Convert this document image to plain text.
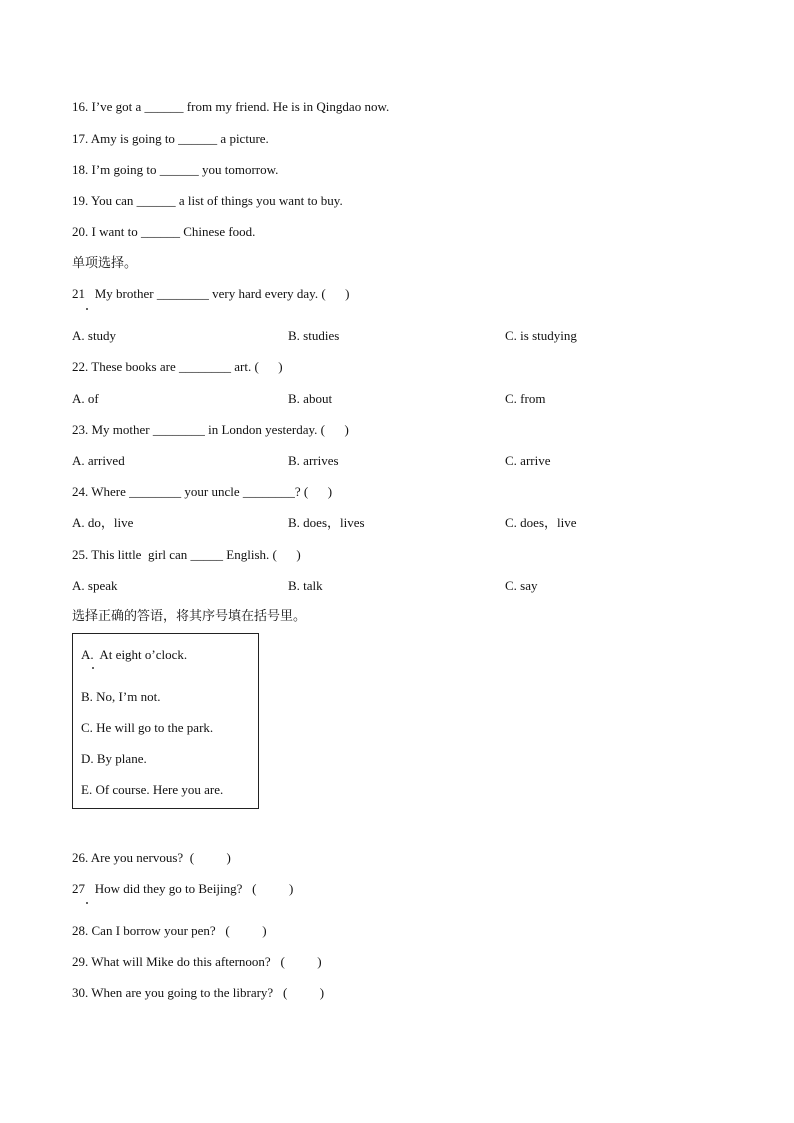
16. I’ve got a ______ from my friend. He is in Qingdao now.
17. Amy is going to ______ a picture.
18. I’m going to ______ you tomorrow.
19. You can ______ a list of things you want to buy.
20. I want to ______ Chinese food.
单项选择。
21   My brother ________ very hard every day. (      )
A. study	B. studies	C. is studying
22. These books are ________ art. (      )
A. of	B. about	C. from
23. My mother ________ in London yesterday. (      )
A. arrived	B. arrives	C. arrive
24. Where ________ your uncle ________? (      )
A. do，live	B. does，lives	C. does，live
25. This little  girl can _____ English. (      )
A. speak	B. talk	C. say
选择正确的答语，将其序号填在括号里。
A.  At eight o’clock.
B. No, I’m not.
C. He will go to the park.
D. By plane.
E. Of course. Here you are.
26. Are you nervous?  (          )
27   How did they go to Beijing?   (          )
28. Can I borrow your pen?   (          )
29. What will Mike do this afternoon?   (          )
30. When are you going to the library?   (          )
